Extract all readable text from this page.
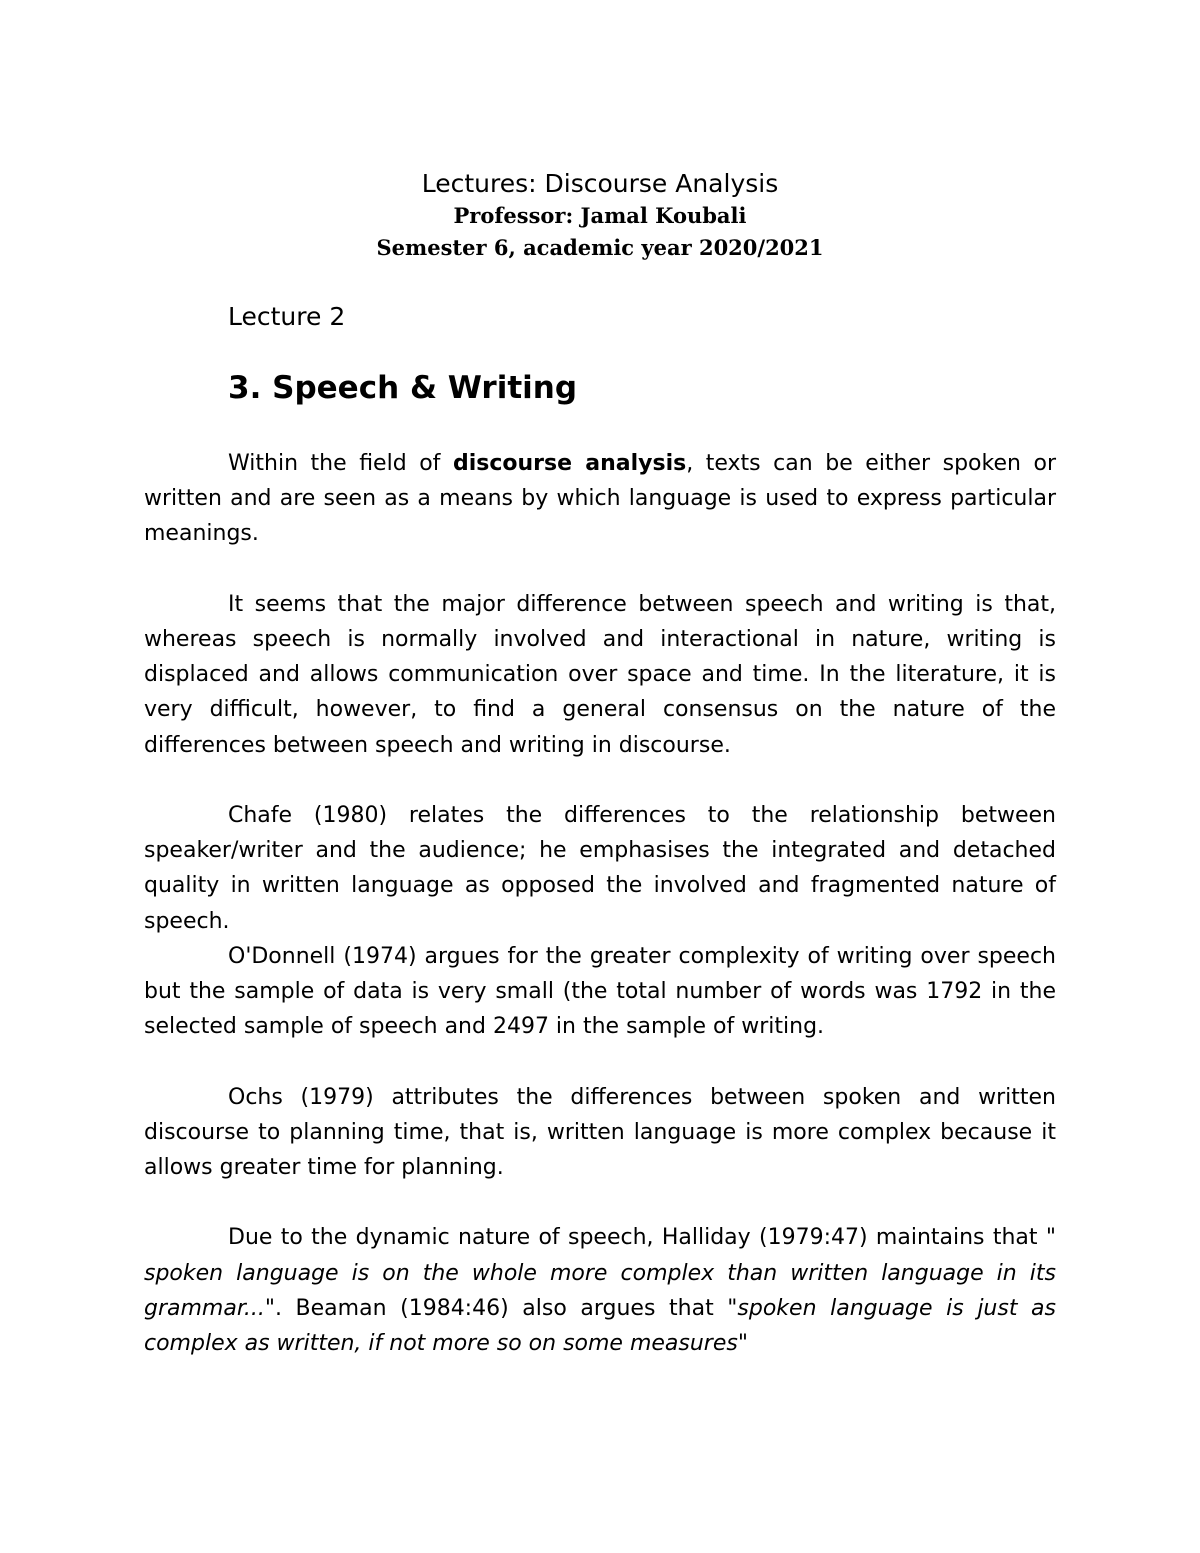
Lectures: Discourse Analysis

Professor: Jamal Koubali

Semester 6, academic year 2020/2021

Lecture 2

3. Speech & Writing

Within the field of discourse analysis, texts can be either spoken or written and are seen as a means by which language is used to express particular meanings.

It seems that the major difference between speech and writing is that, whereas speech is normally involved and interactional in nature, writing is displaced and allows communication over space and time. In the literature, it is very difficult, however, to find a general consensus on the nature of the differences between speech and writing in discourse.

Chafe (1980) relates the differences to the relationship between speaker/writer and the audience; he emphasises the integrated and detached quality in written language as opposed the involved and fragmented nature of speech.

O'Donnell (1974) argues for the greater complexity of writing over speech but the sample of data is very small (the total number of words was 1792 in the selected sample of speech and 2497 in the sample of writing.

Ochs (1979) attributes the differences between spoken and written discourse to planning time, that is, written language is more complex because it allows greater time for planning.

Due to the dynamic nature of speech, Halliday (1979:47) maintains that " spoken language is on the whole more complex than written language in its grammar...". Beaman (1984:46) also argues that "spoken language is just as complex as written, if not more so on some measures"
